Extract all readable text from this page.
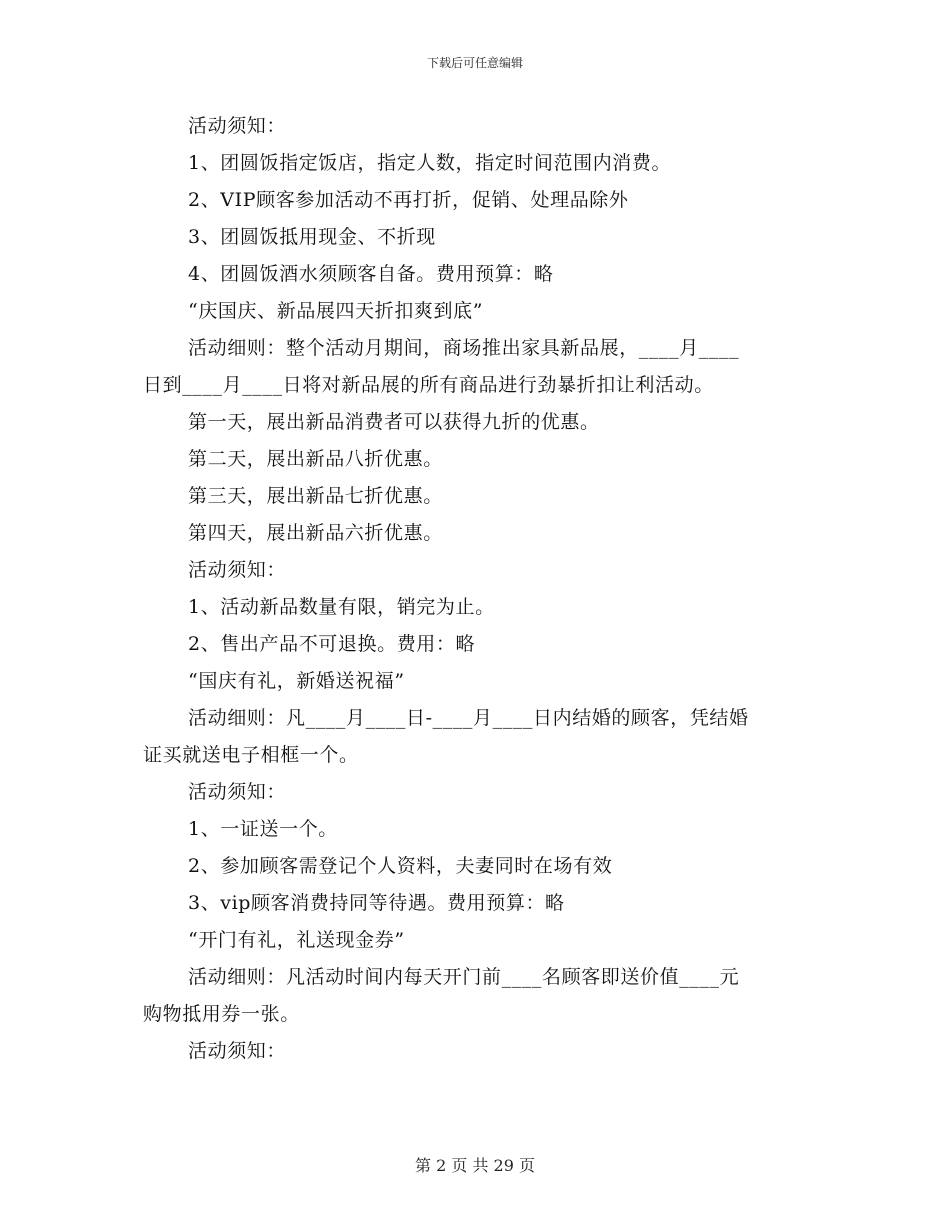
下载后可任意编辑
活动须知：
1、团圆饭指定饭店，指定人数，指定时间范围内消费。
2、VIP顾客参加活动不再打折，促销、处理品除外
3、团圆饭抵用现金、不折现
4、团圆饭酒水须顾客自备。费用预算：略
“庆国庆、新品展四天折扣爽到底”
活动细则：整个活动月期间，商场推出家具新品展，____月____
日到____月____日将对新品展的所有商品进行劲暴折扣让利活动。
第一天，展出新品消费者可以获得九折的优惠。
第二天，展出新品八折优惠。
第三天，展出新品七折优惠。
第四天，展出新品六折优惠。
活动须知：
1、活动新品数量有限，销完为止。
2、售出产品不可退换。费用：略
“国庆有礼，新婚送祝福”
活动细则：凡____月____日-____月____日内结婚的顾客，凭结婚
证买就送电子相框一个。
活动须知：
1、一证送一个。
2、参加顾客需登记个人资料，夫妻同时在场有效
3、vip顾客消费持同等待遇。费用预算：略
“开门有礼，礼送现金券”
活动细则：凡活动时间内每天开门前____名顾客即送价值____元
购物抵用券一张。
活动须知：
第 2 页 共 29 页
